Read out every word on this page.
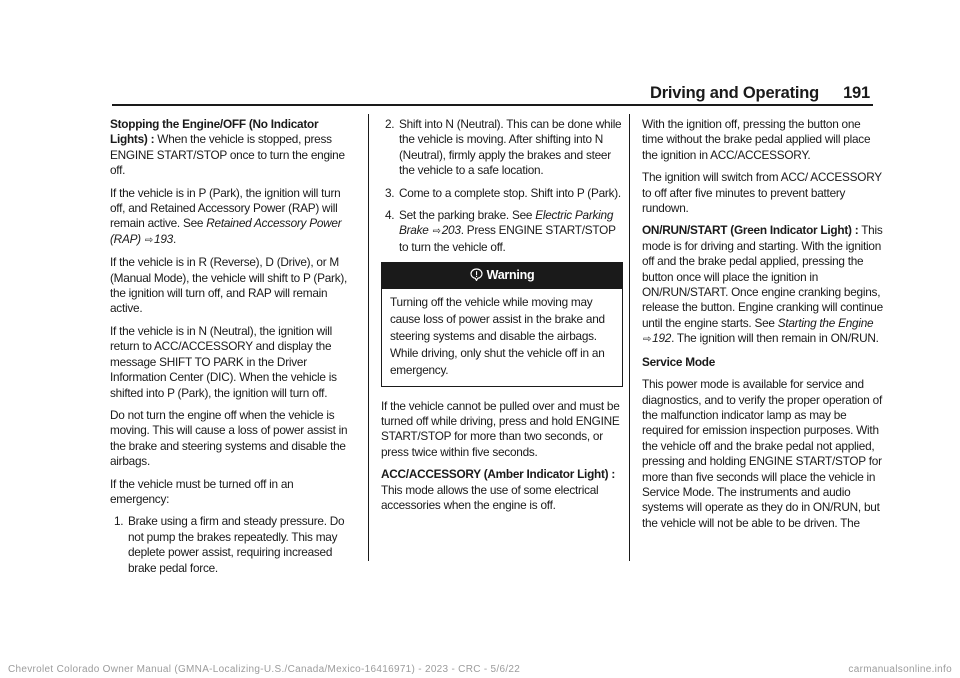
Driving and Operating 191

Stopping the Engine/OFF (No Indicator Lights) : When the vehicle is stopped, press ENGINE START/STOP once to turn the engine off.

If the vehicle is in P (Park), the ignition will turn off, and Retained Accessory Power (RAP) will remain active. See Retained Accessory Power (RAP) ⇨193.

If the vehicle is in R (Reverse), D (Drive), or M (Manual Mode), the vehicle will shift to P (Park), the ignition will turn off, and RAP will remain active.

If the vehicle is in N (Neutral), the ignition will return to ACC/ACCESSORY and display the message SHIFT TO PARK in the Driver Information Center (DIC). When the vehicle is shifted into P (Park), the ignition will turn off.

Do not turn the engine off when the vehicle is moving. This will cause a loss of power assist in the brake and steering systems and disable the airbags.

If the vehicle must be turned off in an emergency:

1. Brake using a firm and steady pressure. Do not pump the brakes repeatedly. This may deplete power assist, requiring increased brake pedal force.
2. Shift into N (Neutral). This can be done while the vehicle is moving. After shifting into N (Neutral), firmly apply the brakes and steer the vehicle to a safe location.
3. Come to a complete stop. Shift into P (Park).
4. Set the parking brake. See Electric Parking Brake ⇨203. Press ENGINE START/STOP to turn the vehicle off.
Warning
Turning off the vehicle while moving may cause loss of power assist in the brake and steering systems and disable the airbags. While driving, only shut the vehicle off in an emergency.

If the vehicle cannot be pulled over and must be turned off while driving, press and hold ENGINE START/STOP for more than two seconds, or press twice within five seconds.

ACC/ACCESSORY (Amber Indicator Light) : This mode allows the use of some electrical accessories when the engine is off.

With the ignition off, pressing the button one time without the brake pedal applied will place the ignition in ACC/ACCESSORY.

The ignition will switch from ACC/ ACCESSORY to off after five minutes to prevent battery rundown.

ON/RUN/START (Green Indicator Light) : This mode is for driving and starting. With the ignition off and the brake pedal applied, pressing the button once will place the ignition in ON/RUN/START. Once engine cranking begins, release the button. Engine cranking will continue until the engine starts. See Starting the Engine ⇨192. The ignition will then remain in ON/RUN.

Service Mode

This power mode is available for service and diagnostics, and to verify the proper operation of the malfunction indicator lamp as may be required for emission inspection purposes. With the vehicle off and the brake pedal not applied, pressing and holding ENGINE START/STOP for more than five seconds will place the vehicle in Service Mode. The instruments and audio systems will operate as they do in ON/RUN, but the vehicle will not be able to be driven. The

Chevrolet Colorado Owner Manual (GMNA-Localizing-U.S./Canada/Mexico-16416971) - 2023 - CRC - 5/6/22	carmanualsonline.info
